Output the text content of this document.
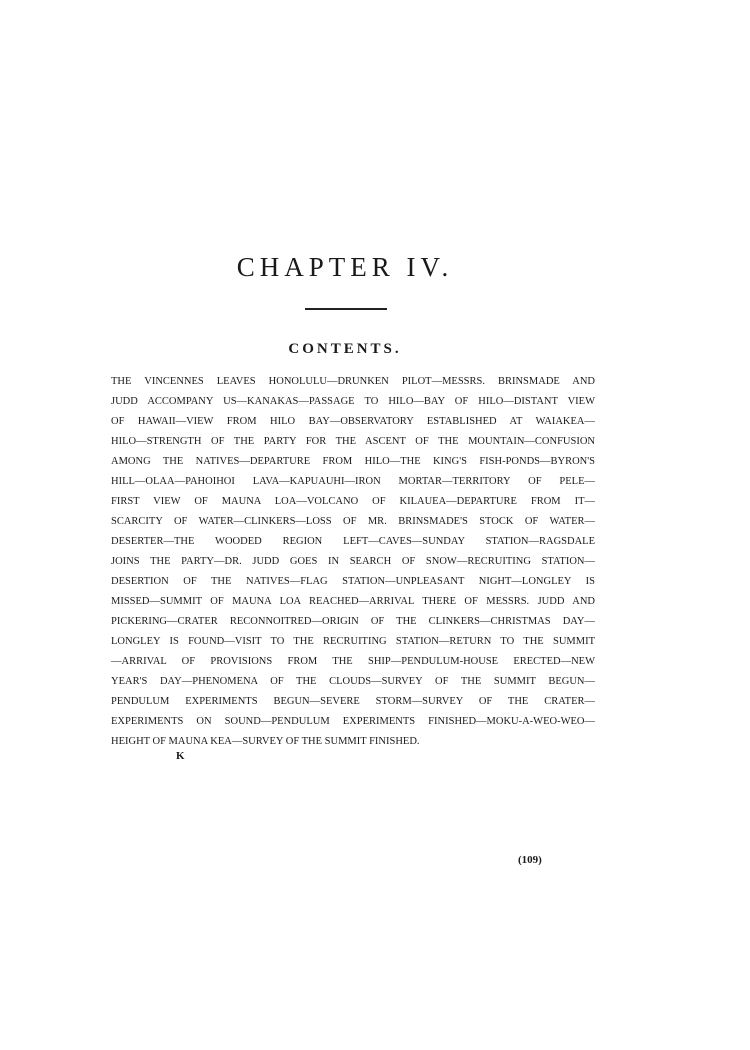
CHAPTER IV.
CONTENTS.
THE VINCENNES LEAVES HONOLULU—DRUNKEN PILOT—MESSRS. BRINSMADE AND
JUDD ACCOMPANY US—KANAKAS—PASSAGE TO HILO—BAY OF HILO—DISTANT VIEW
OF HAWAII—VIEW FROM HILO BAY—OBSERVATORY ESTABLISHED AT WAIAKEA—
HILO—STRENGTH OF THE PARTY FOR THE ASCENT OF THE MOUNTAIN—CONFUSION
AMONG THE NATIVES—DEPARTURE FROM HILO—THE KING'S FISH-PONDS—BYRON'S
HILL—OLAA—PAHOIHOI LAVA—KAPUAUHI—IRON MORTAR—TERRITORY OF PELE—
FIRST VIEW OF MAUNA LOA—VOLCANO OF KILAUEA—DEPARTURE FROM IT—
SCARCITY OF WATER—CLINKERS—LOSS OF MR. BRINSMADE'S STOCK OF WATER—
DESERTER—THE WOODED REGION LEFT—CAVES—SUNDAY STATION—RAGSDALE
JOINS THE PARTY—DR. JUDD GOES IN SEARCH OF SNOW—RECRUITING STATION—
DESERTION OF THE NATIVES—FLAG STATION—UNPLEASANT NIGHT—LONGLEY IS
MISSED—SUMMIT OF MAUNA LOA REACHED—ARRIVAL THERE OF MESSRS. JUDD AND
PICKERING—CRATER RECONNOITRED—ORIGIN OF THE CLINKERS—CHRISTMAS DAY—
LONGLEY IS FOUND—VISIT TO THE RECRUITING STATION—RETURN TO THE SUMMIT
—ARRIVAL OF PROVISIONS FROM THE SHIP—PENDULUM-HOUSE ERECTED—NEW
YEAR'S DAY—PHENOMENA OF THE CLOUDS—SURVEY OF THE SUMMIT BEGUN—
PENDULUM EXPERIMENTS BEGUN—SEVERE STORM—SURVEY OF THE CRATER—
EXPERIMENTS ON SOUND—PENDULUM EXPERIMENTS FINISHED—MOKU-A-WEO-WEO—
HEIGHT OF MAUNA KEA—SURVEY OF THE SUMMIT FINISHED.
K
(109)
